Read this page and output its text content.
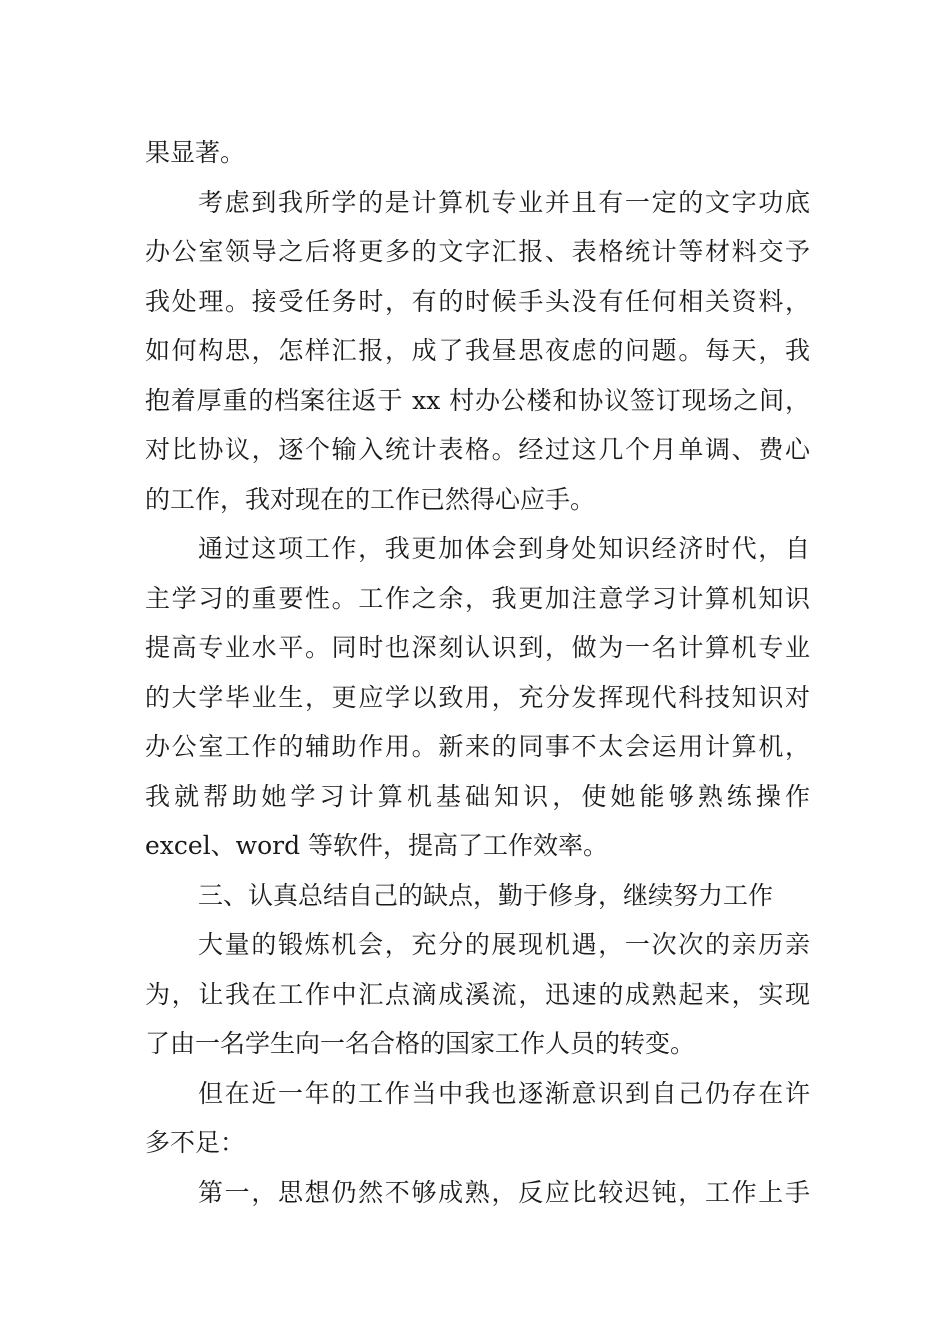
果显著。
考虑到我所学的是计算机专业并且有一定的文字功底
办公室领导之后将更多的文字汇报、表格统计等材料交予
我处理。接受任务时，有的时候手头没有任何相关资料，
如何构思，怎样汇报，成了我昼思夜虑的问题。每天，我
抱着厚重的档案往返于 xx 村办公楼和协议签订现场之间，
对比协议，逐个输入统计表格。经过这几个月单调、费心
的工作，我对现在的工作已然得心应手。
通过这项工作，我更加体会到身处知识经济时代，自
主学习的重要性。工作之余，我更加注意学习计算机知识
提高专业水平。同时也深刻认识到，做为一名计算机专业
的大学毕业生，更应学以致用，充分发挥现代科技知识对
办公室工作的辅助作用。新来的同事不太会运用计算机，
我就帮助她学习计算机基础知识，使她能够熟练操作
excel、word 等软件，提高了工作效率。
三、认真总结自己的缺点，勤于修身，继续努力工作
大量的锻炼机会，充分的展现机遇，一次次的亲历亲
为，让我在工作中汇点滴成溪流，迅速的成熟起来，实现
了由一名学生向一名合格的国家工作人员的转变。
但在近一年的工作当中我也逐渐意识到自己仍存在许
多不足：
第一，思想仍然不够成熟，反应比较迟钝，工作上手
